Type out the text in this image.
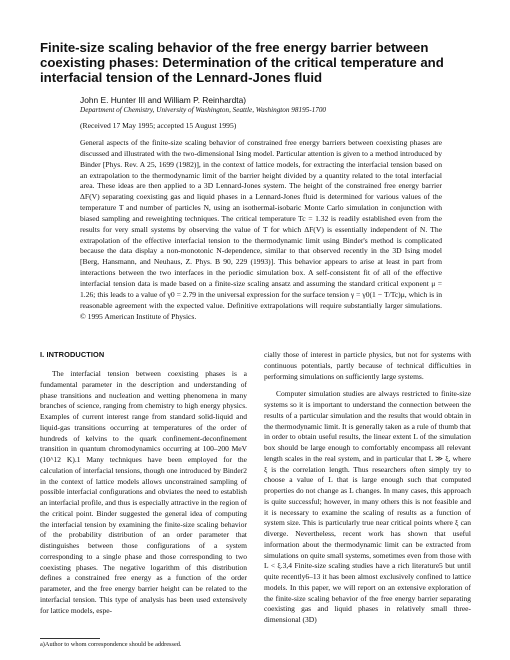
Finite-size scaling behavior of the free energy barrier between coexisting phases: Determination of the critical temperature and interfacial tension of the Lennard-Jones fluid
John E. Hunter III and William P. Reinhardta)
Department of Chemistry, University of Washington, Seattle, Washington 98195-1700
(Received 17 May 1995; accepted 15 August 1995)

General aspects of the finite-size scaling behavior of constrained free energy barriers between coexisting phases are discussed and illustrated with the two-dimensional Ising model. Particular attention is given to a method introduced by Binder [Phys. Rev. A 25, 1699 (1982)], in the context of lattice models, for extracting the interfacial tension based on an extrapolation to the thermodynamic limit of the barrier height divided by a quantity related to the total interfacial area. These ideas are then applied to a 3D Lennard-Jones system. The height of the constrained free energy barrier ΔF(V) separating coexisting gas and liquid phases in a Lennard-Jones fluid is determined for various values of the temperature T and number of particles N, using an isothermal-isobaric Monte Carlo simulation in conjunction with biased sampling and reweighting techniques. The critical temperature Tc = 1.32 is readily established even from the results for very small systems by observing the value of T for which ΔF(V) is essentially independent of N. The extrapolation of the effective interfacial tension to the thermodynamic limit using Binder's method is complicated because the data display a non-monotonic N-dependence, similar to that observed recently in the 3D Ising model [Berg, Hansmann, and Neuhaus, Z. Phys. B 90, 229 (1993)]. This behavior appears to arise at least in part from interactions between the two interfaces in the periodic simulation box. A self-consistent fit of all of the effective interfacial tension data is made based on a finite-size scaling ansatz and assuming the standard critical exponent μ = 1.26; this leads to a value of γ0 = 2.79 in the universal expression for the surface tension γ = γ0(1 − T/Tc)μ, which is in reasonable agreement with the expected value. Definitive extrapolations will require substantially larger simulations. © 1995 American Institute of Physics.

I. INTRODUCTION

The interfacial tension between coexisting phases is a fundamental parameter in the description and understanding of phase transitions and nucleation and wetting phenomena in many branches of science, ranging from chemistry to high energy physics. Examples of current interest range from standard solid-liquid and liquid-gas transitions occurring at temperatures of the order of hundreds of kelvins to the quark confinement-deconfinement transition in quantum chromodynamics occurring at 100–200 MeV (10^12 K).1 Many techniques have been employed for the calculation of interfacial tensions, though one introduced by Binder2 in the context of lattice models allows unconstrained sampling of possible interfacial configurations and obviates the need to establish an interfacial profile, and thus is especially attractive in the region of the critical point. Binder suggested the general idea of computing the interfacial tension by examining the finite-size scaling behavior of the probability distribution of an order parameter that distinguishes between those configurations of a system corresponding to a single phase and those corresponding to two coexisting phases. The negative logarithm of this distribution defines a constrained free energy as a function of the order parameter, and the free energy barrier height can be related to the interfacial tension. This type of analysis has been used extensively for lattice models, espe-

cially those of interest in particle physics, but not for systems with continuous potentials, partly because of technical difficulties in performing simulations on sufficiently large systems.

Computer simulation studies are always restricted to finite-size systems so it is important to understand the connection between the results of a particular simulation and the results that would obtain in the thermodynamic limit. It is generally taken as a rule of thumb that in order to obtain useful results, the linear extent L of the simulation box should be large enough to comfortably encompass all relevant length scales in the real system, and in particular that L ≫ ξ, where ξ is the correlation length. Thus researchers often simply try to choose a value of L that is large enough such that computed properties do not change as L changes. In many cases, this approach is quite successful; however, in many others this is not feasible and it is necessary to examine the scaling of results as a function of system size. This is particularly true near critical points where ξ can diverge. Nevertheless, recent work has shown that useful information about the thermodynamic limit can be extracted from simulations on quite small systems, sometimes even from those with L < ξ.3,4 Finite-size scaling studies have a rich literature5 but until quite recently6–13 it has been almost exclusively confined to lattice models. In this paper, we will report on an extensive exploration of the finite-size scaling behavior of the free energy barrier separating coexisting gas and liquid phases in relatively small three-dimensional (3D)

a)Author to whom correspondence should be addressed.
